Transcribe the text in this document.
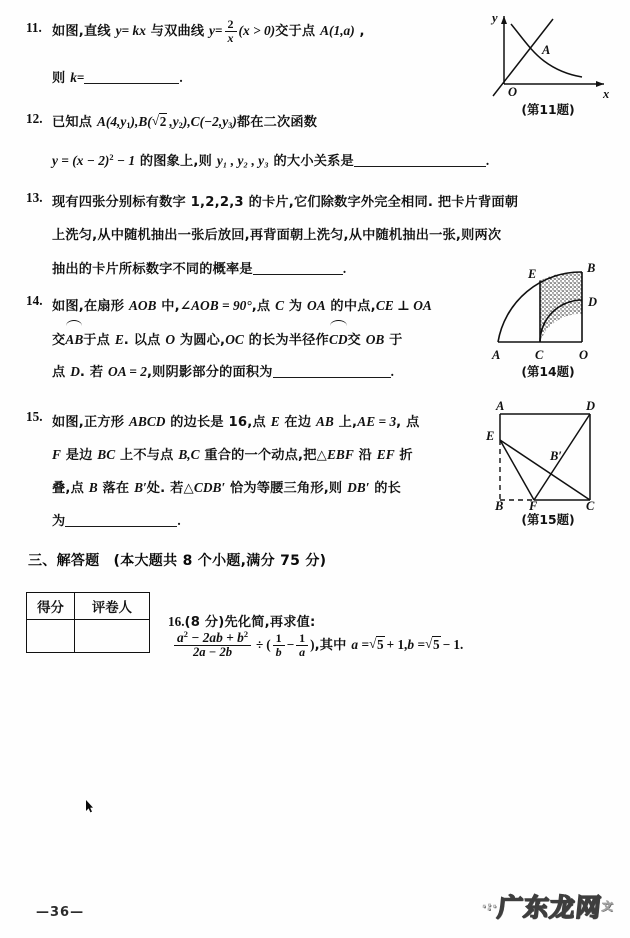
11. 如图,直线 y= kx 与双曲线 $y= \frac{2}{x} (x > 0)$交于点 A(1,a) ,
则 k=	.
12. 已知点 $A(4,y_1),B$( √ 2 $,y_2),C(-2,y_3)$都在二次函数
$y = (x - 2)^2 - 1$ 的图象上,则 y₁ , y₂ , y₃ 的大小关系是	.
13. 现有四张分别标有数字 1,2,2,3 的卡片,它们除数字外完全相同. 把卡片背面朝
上洗匀,从中随机抽出一张后放回,再背面朝上洗匀,从中随机抽出一张,则两次
抽出的卡片所标数字不同的概率是	.
14. 如图,在扇形 AOB 中,∠AOB = 90°,点 C 为 OA 的中点,CE ⊥ OA
交AB于点 E. 以点 O 为圆心,OC 的长为半径作CD交 OB 于
点 D. 若 OA = 2,则阴影部分的面积为	.
15. 如图,正方形 ABCD 的边长是 16,点 E 在边 AB 上,AE = 3, 点
F 是边 BC 上不与点 B,C 重合的一个动点,把△EBF 沿 EF 折
叠,点 B 落在 B′处. 若△CDB′ 恰为等腰三角形,则 DB′ 的长
为	.
y
x
O
A
(第11题)
A	C	O
B
D
E
(第14题)
A	D
E
B F	C
B′
(第15题)
三、解答题 (本大题共 8 个小题,满分 75 分)
得分	评卷人

16.(8 分)先化简,再求值:
$\frac{a^2 - 2ab + b^2}{2a - 2b}$ ÷ ( $\frac{1}{b} - \frac{1}{a}$ ),其中 a = √ 5 + 1,b = √ 5 − 1.
—36—	·:·广东龙网$^文$
